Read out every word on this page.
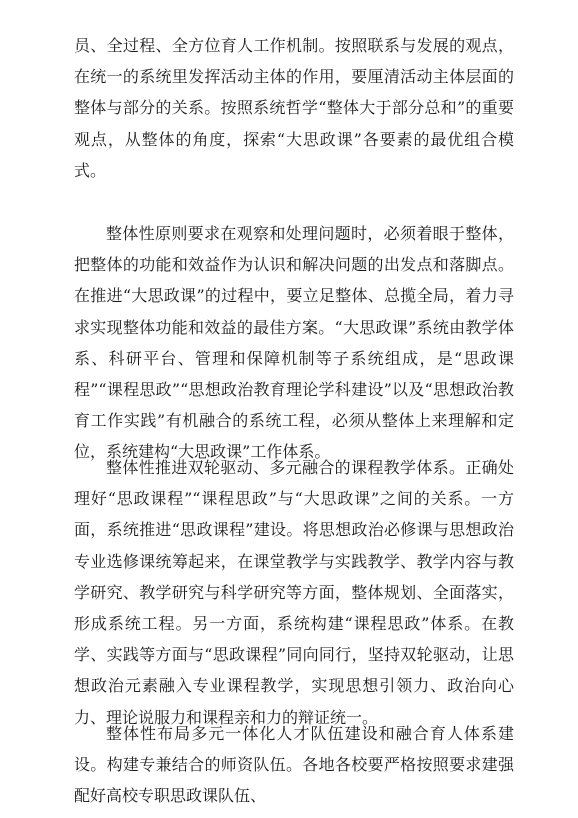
员、全过程、全方位育人工作机制。按照联系与发展的观点，在统一的系统里发挥活动主体的作用，要厘清活动主体层面的整体与部分的关系。按照系统哲学“整体大于部分总和”的重要观点，从整体的角度，探索“大思政课”各要素的最优组合模式。

整体性原则要求在观察和处理问题时，必须着眼于整体，把整体的功能和效益作为认识和解决问题的出发点和落脚点。在推进“大思政课”的过程中，要立足整体、总揽全局，着力寻求实现整体功能和效益的最佳方案。“大思政课”系统由教学体系、科研平台、管理和保障机制等子系统组成，是“思政课程”“课程思政”“思想政治教育理论学科建设”以及“思想政治教育工作实践”有机融合的系统工程，必须从整体上来理解和定位，系统建构“大思政课”工作体系。

整体性推进双轮驱动、多元融合的课程教学体系。正确处理好“思政课程”“课程思政”与“大思政课”之间的关系。一方面，系统推进“思政课程”建设。将思想政治必修课与思想政治专业选修课统筹起来，在课堂教学与实践教学、教学内容与教学研究、教学研究与科学研究等方面，整体规划、全面落实，形成系统工程。另一方面，系统构建“课程思政”体系。在教学、实践等方面与“思政课程”同向同行，坚持双轮驱动，让思想政治元素融入专业课程教学，实现思想引领力、政治向心力、理论说服力和课程亲和力的辩证统一。

整体性布局多元一体化人才队伍建设和融合育人体系建设。构建专兼结合的师资队伍。各地各校要严格按照要求建强配好高校专职思政课队伍、
